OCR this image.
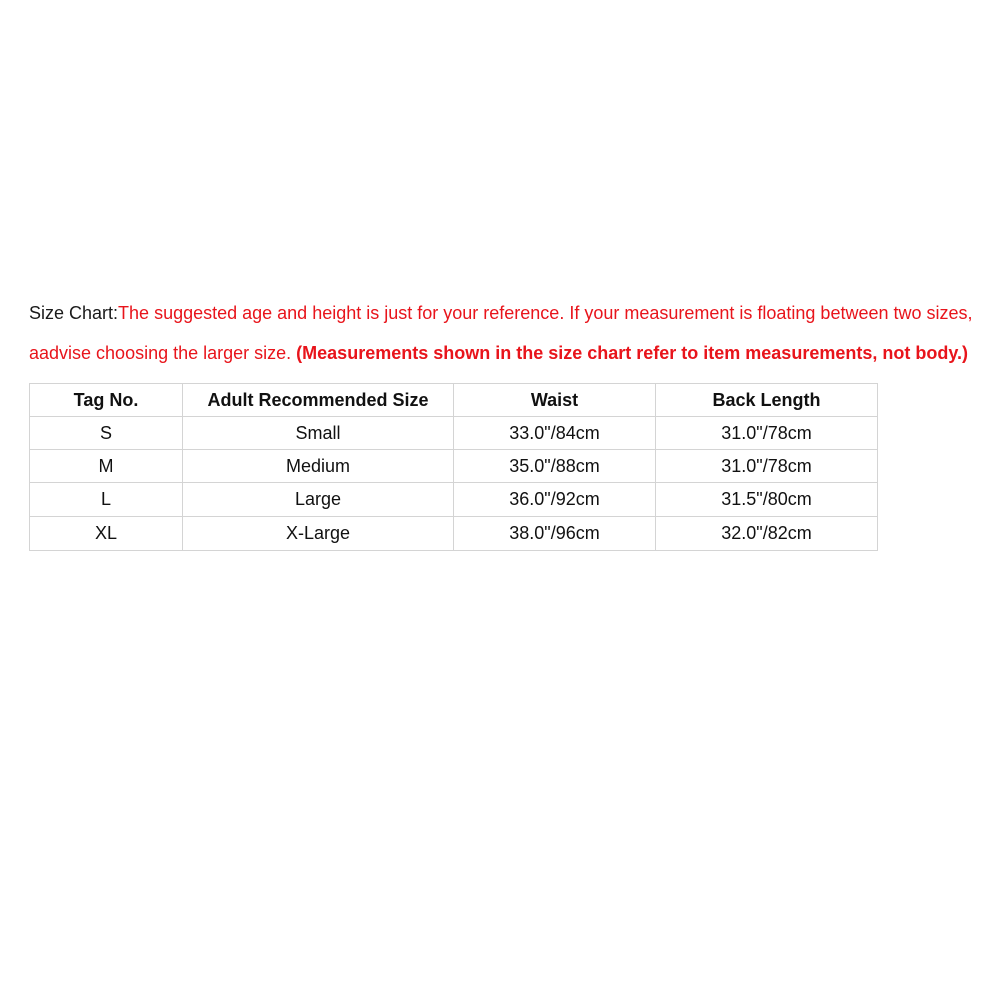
Size Chart:The suggested age and height is just for your reference. If your measurement is floating between two sizes,
aadvise choosing the larger size. (Measurements shown in the size chart refer to item measurements, not body.)
Tag No.	Adult Recommended Size	Waist	Back Length
S	Small	33.0"/84cm	31.0"/78cm
M	Medium	35.0"/88cm	31.0"/78cm
L	Large	36.0"/92cm	31.5"/80cm
XL	X-Large	38.0"/96cm	32.0"/82cm
